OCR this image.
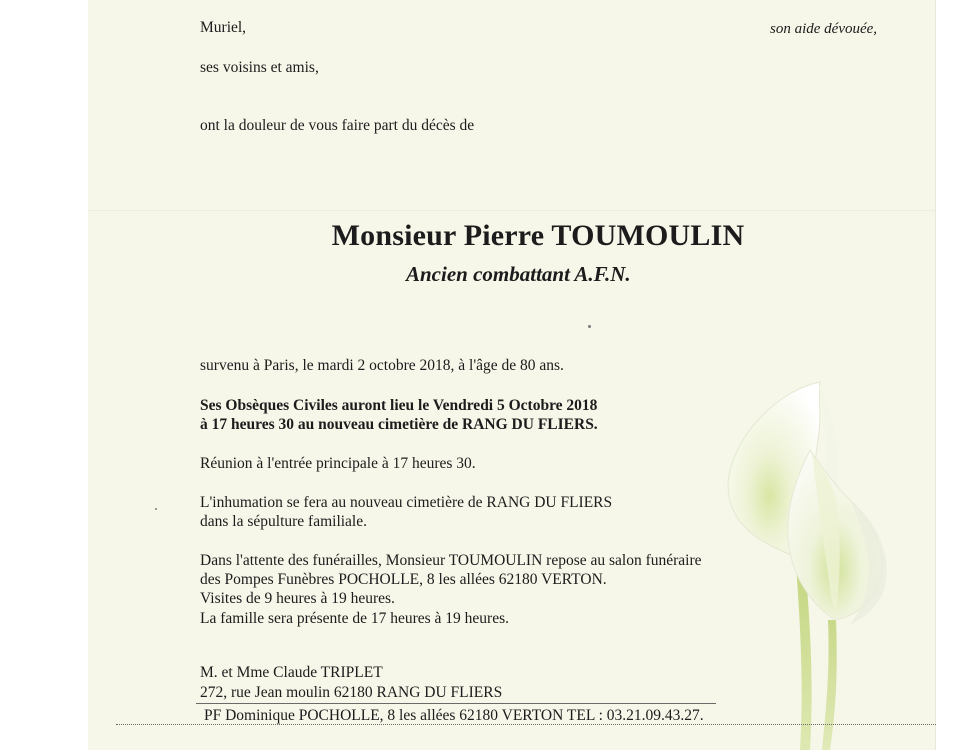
Muriel,	son aide dévouée,
ses voisins et amis,
ont la douleur de vous faire part du décès de
Monsieur Pierre TOUMOULIN
Ancien combattant A.F.N.
survenu à Paris, le mardi 2 octobre 2018, à l'âge de 80 ans.
Ses Obsèques Civiles auront lieu le Vendredi 5 Octobre 2018
à 17 heures 30 au nouveau cimetière de RANG DU FLIERS.
Réunion à l'entrée principale à 17 heures 30.
L'inhumation se fera au nouveau cimetière de RANG DU FLIERS
dans la sépulture familiale.
Dans l'attente des funérailles, Monsieur TOUMOULIN repose au salon funéraire
des Pompes Funèbres POCHOLLE, 8 les allées 62180 VERTON.
Visites de 9 heures à 19 heures.
La famille sera présente de 17 heures à 19 heures.
M. et Mme Claude TRIPLET
272, rue Jean moulin 62180 RANG DU FLIERS
PF Dominique POCHOLLE, 8 les allées 62180 VERTON TEL : 03.21.09.43.27.
